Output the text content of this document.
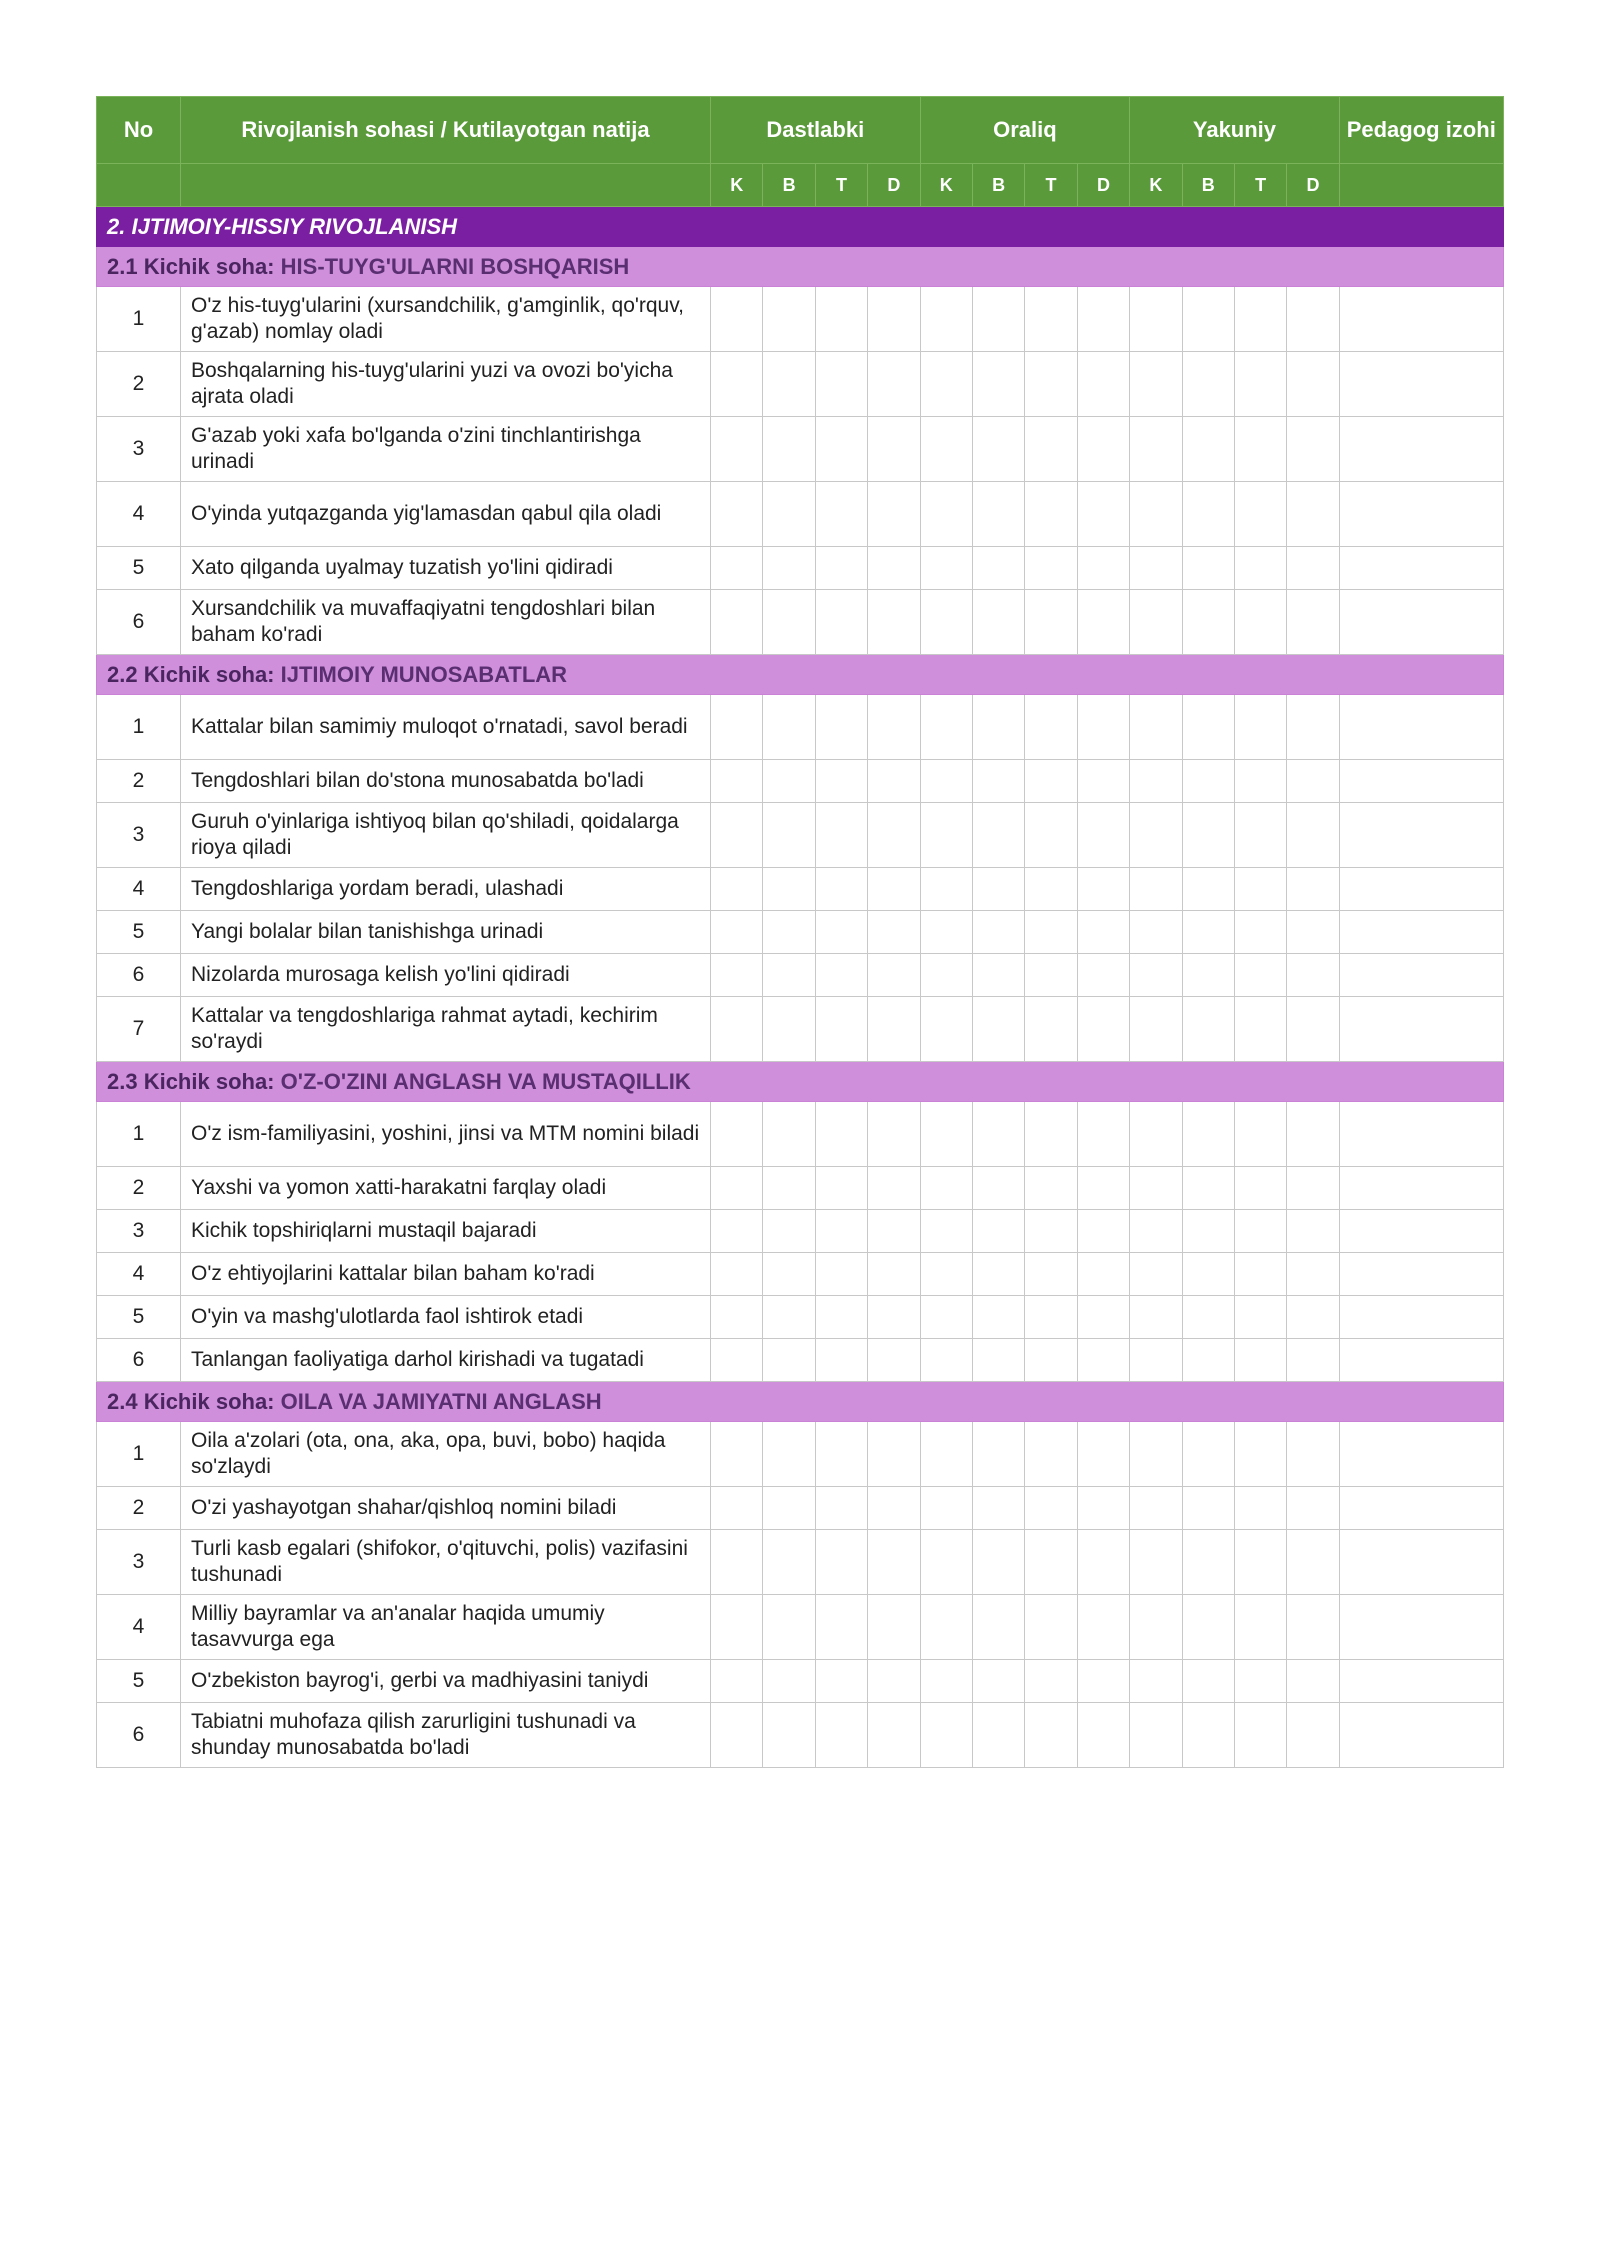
No	Rivojlanish sohasi / Kutilayotgan natija	Dastlabki				Oraliq				Yakuniy				Pedagog izohi
		K	B	T	D	K	B	T	D	K	B	T	D	
2. IJTIMOIY-HISSIY RIVOJLANISH														
2.1 Kichik soha: HIS-TUYG'ULARNI BOSHQARISH														
1	O'z his-tuyg'ularini (xursandchilik, g'amginlik, qo'rquv, g'azab) nomlay oladi													
2	Boshqalarning his-tuyg'ularini yuzi va ovozi bo'yicha ajrata oladi													
3	G'azab yoki xafa bo'lganda o'zini tinchlantirishga urinadi													
4	O'yinda yutqazganda yig'lamasdan qabul qila oladi													
5	Xato qilganda uyalmay tuzatish yo'lini qidiradi													
6	Xursandchilik va muvaffaqiyatni tengdoshlari bilan baham ko'radi													
2.2 Kichik soha: IJTIMOIY MUNOSABATLAR														
1	Kattalar bilan samimiy muloqot o'rnatadi, savol beradi													
2	Tengdoshlari bilan do'stona munosabatda bo'ladi													
3	Guruh o'yinlariga ishtiyoq bilan qo'shiladi, qoidalarga rioya qiladi													
4	Tengdoshlariga yordam beradi, ulashadi													
5	Yangi bolalar bilan tanishishga urinadi													
6	Nizolarda murosaga kelish yo'lini qidiradi													
7	Kattalar va tengdoshlariga rahmat aytadi, kechirim so'raydi													
2.3 Kichik soha: O'Z-O'ZINI ANGLASH VA MUSTAQILLIK														
1	O'z ism-familiyasini, yoshini, jinsi va MTM nomini biladi													
2	Yaxshi va yomon xatti-harakatni farqlay oladi													
3	Kichik topshiriqlarni mustaqil bajaradi													
4	O'z ehtiyojlarini kattalar bilan baham ko'radi													
5	O'yin va mashg'ulotlarda faol ishtirok etadi													
6	Tanlangan faoliyatiga darhol kirishadi va tugatadi													
2.4 Kichik soha: OILA VA JAMIYATNI ANGLASH														
1	Oila a'zolari (ota, ona, aka, opa, buvi, bobo) haqida so'zlaydi													
2	O'zi yashayotgan shahar/qishloq nomini biladi													
3	Turli kasb egalari (shifokor, o'qituvchi, polis) vazifasini tushunadi													
4	Milliy bayramlar va an'analar haqida umumiy tasavvurga ega													
5	O'zbekiston bayrog'i, gerbi va madhiyasini taniydi													
6	Tabiatni muhofaza qilish zarurligini tushunadi va shunday munosabatda bo'ladi													
